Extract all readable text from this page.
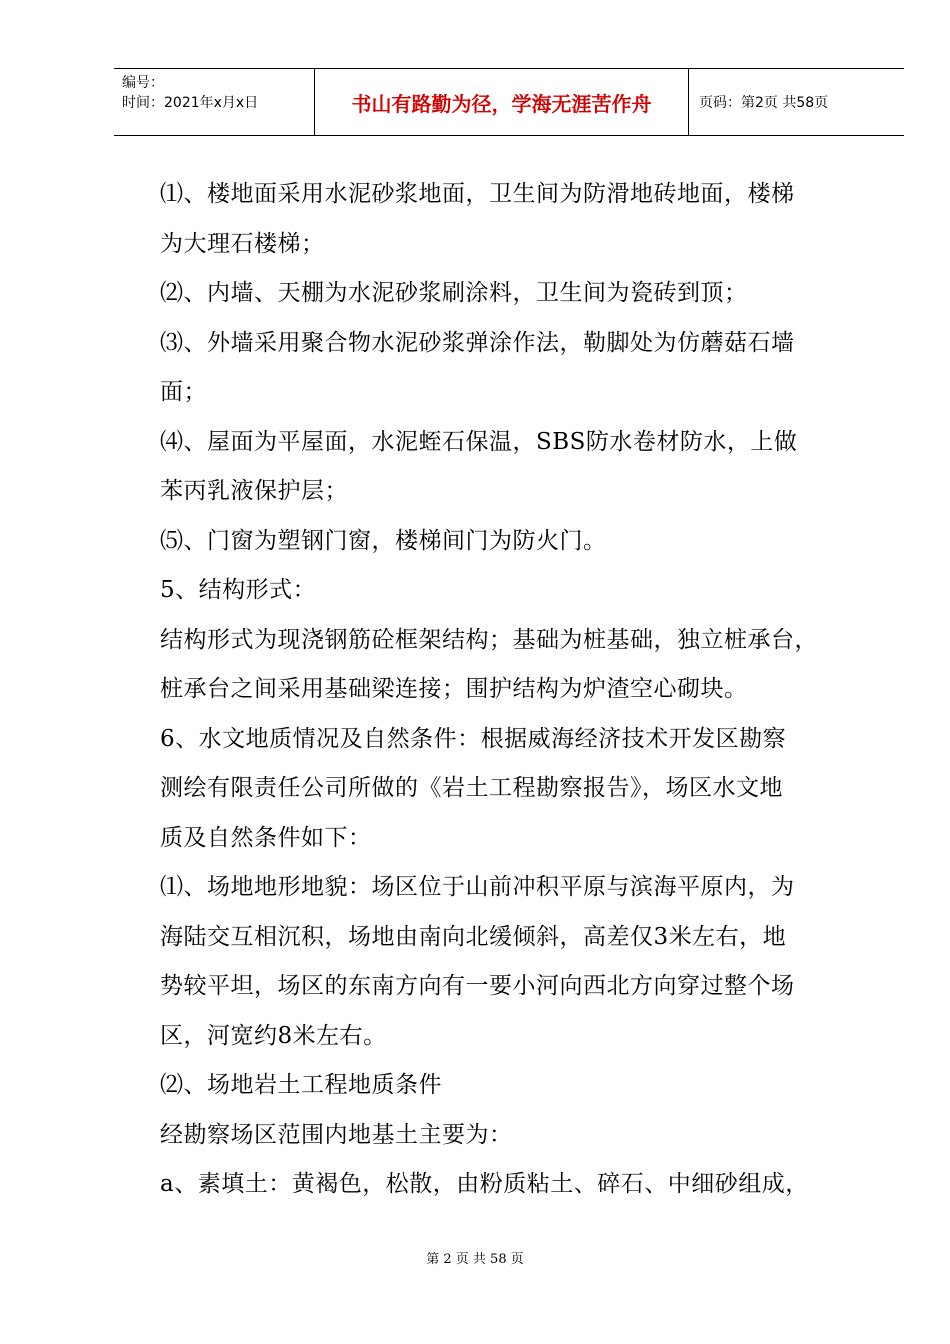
编号：
时间：2021年x月x日	书山有路勤为径，学海无涯苦作舟	页码：第2页 共58页

⑴、楼地面采用水泥砂浆地面，卫生间为防滑地砖地面，楼梯

为大理石楼梯；

⑵、内墙、天棚为水泥砂浆刷涂料，卫生间为瓷砖到顶；

⑶、外墙采用聚合物水泥砂浆弹涂作法，勒脚处为仿蘑菇石墙

面；

⑷、屋面为平屋面，水泥蛭石保温，SBS防水卷材防水，上做

苯丙乳液保护层；

⑸、门窗为塑钢门窗，楼梯间门为防火门。

5、结构形式：

结构形式为现浇钢筋砼框架结构；基础为桩基础，独立桩承台，

桩承台之间采用基础梁连接；围护结构为炉渣空心砌块。

6、水文地质情况及自然条件：根据威海经济技术开发区勘察

测绘有限责任公司所做的《岩土工程勘察报告》，场区水文地

质及自然条件如下：

⑴、场地地形地貌：场区位于山前冲积平原与滨海平原内，为

海陆交互相沉积，场地由南向北缓倾斜，高差仅3米左右，地

势较平坦，场区的东南方向有一要小河向西北方向穿过整个场

区，河宽约8米左右。

⑵、场地岩土工程地质条件

经勘察场区范围内地基土主要为：

a、素填土：黄褐色，松散，由粉质粘土、碎石、中细砂组成，

第 2 页 共 58 页
